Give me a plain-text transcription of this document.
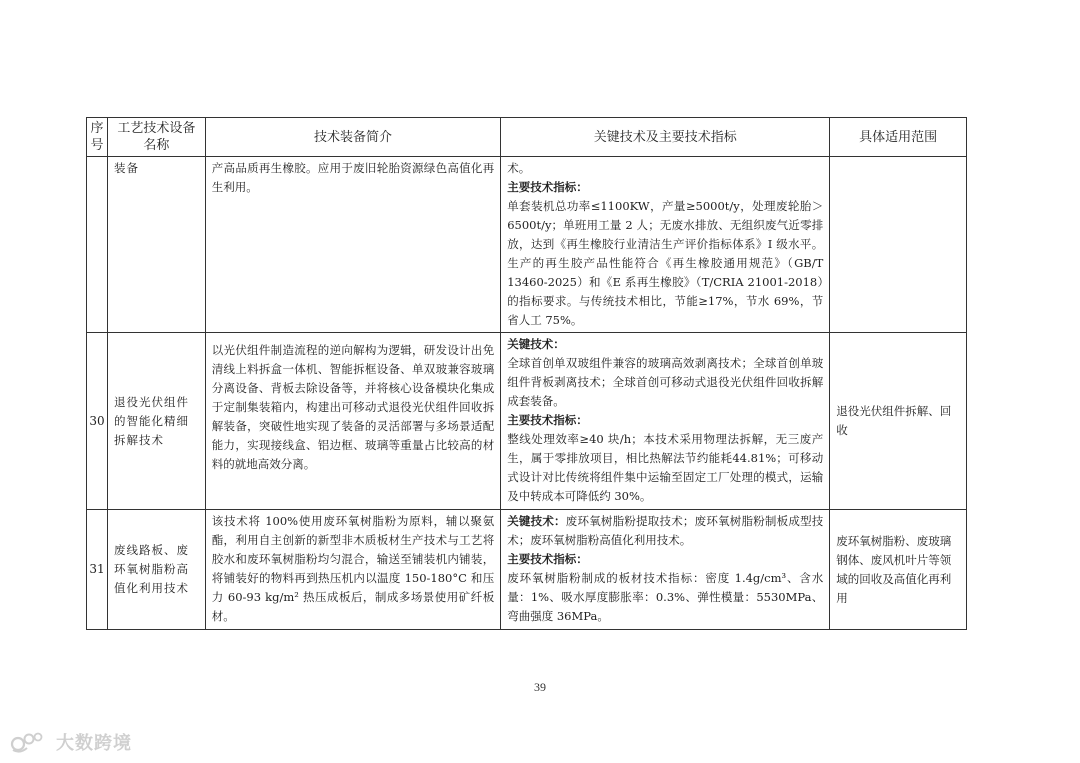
序号	工艺技术设备名称	技术装备简介	关键技术及主要技术指标	具体适用范围
	装备	产高品质再生橡胶。应用于废旧轮胎资源绿色高值化再生利用。	术。
主要技术指标：
单套装机总功率≤1100KW，产量≥5000t/y，处理废轮胎＞6500t/y；单班用工量 2 人；无废水排放、无组织废气近零排放，达到《再生橡胶行业清洁生产评价指标体系》I 级水平。生产的再生胶产品性能符合《再生橡胶通用规范》（GB/T 13460-2025）和《E 系再生橡胶》（T/CRIA 21001-2018）的指标要求。与传统技术相比，节能≥17%，节水 69%，节省人工 75%。	

30	退役光伏组件的智能化精细拆解技术	以光伏组件制造流程的逆向解构为逻辑，研发设计出免清线上料拆盒一体机、智能拆框设备、单双玻兼容玻璃分离设备、背板去除设备等，并将核心设备模块化集成于定制集装箱内，构建出可移动式退役光伏组件回收拆解装备，突破性地实现了装备的灵活部署与多场景适配能力，实现接线盒、铝边框、玻璃等重量占比较高的材料的就地高效分离。	关键技术：
全球首创单双玻组件兼容的玻璃高效剥离技术；全球首创单玻组件背板剥离技术；全球首创可移动式退役光伏组件回收拆解成套装备。
主要技术指标：
整线处理效率≥40 块/h；本技术采用物理法拆解，无三废产生，属于零排放项目，相比热解法节约能耗44.81%；可移动式设计对比传统将组件集中运输至固定工厂处理的模式，运输及中转成本可降低约 30%。	退役光伏组件拆解、回收
31	废线路板、废环氧树脂粉高值化利用技术	该技术将 100%使用废环氧树脂粉为原料，辅以聚氨酯，利用自主创新的新型非木质板材生产技术与工艺将胶水和废环氧树脂粉均匀混合，输送至铺装机内铺装，将铺装好的物料再到热压机内以温度 150-180°C 和压力 60-93 kg/m² 热压成板后，制成多场景使用矿纤板材。	关键技术：废环氧树脂粉提取技术；废环氧树脂粉制板成型技术；废环氧树脂粉高值化利用技术。
主要技术指标：
废环氧树脂粉制成的板材技术指标：密度 1.4g/cm³、含水量：1%、吸水厚度膨胀率：0.3%、弹性模量：5530MPa、弯曲强度 36MPa。	废环氧树脂粉、废玻璃钢体、废风机叶片等领域的回收及高值化再利用
39
大数跨境
